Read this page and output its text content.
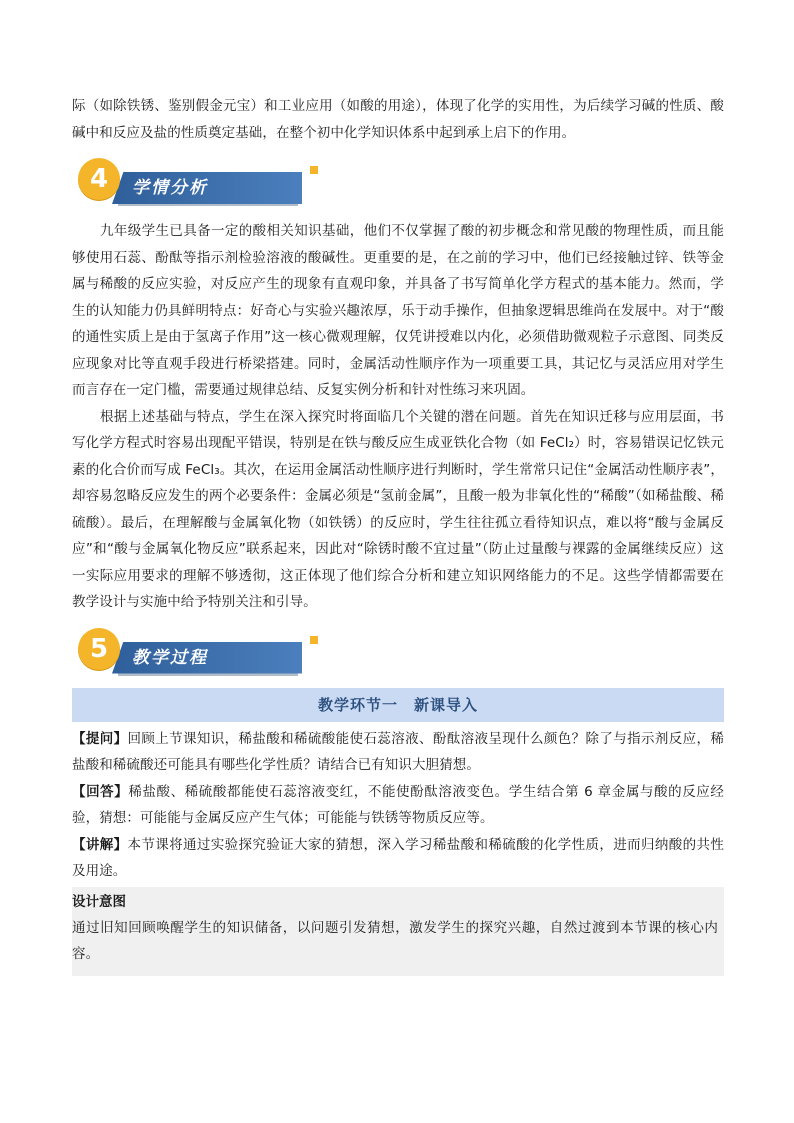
际（如除铁锈、鉴别假金元宝）和工业应用（如酸的用途），体现了化学的实用性，为后续学习碱的性质、酸碱中和反应及盐的性质奠定基础，在整个初中化学知识体系中起到承上启下的作用。

4	学情分析

九年级学生已具备一定的酸相关知识基础，他们不仅掌握了酸的初步概念和常见酸的物理性质，而且能够使用石蕊、酚酞等指示剂检验溶液的酸碱性。更重要的是，在之前的学习中，他们已经接触过锌、铁等金属与稀酸的反应实验，对反应产生的现象有直观印象，并具备了书写简单化学方程式的基本能力。然而，学生的认知能力仍具鲜明特点：好奇心与实验兴趣浓厚，乐于动手操作，但抽象逻辑思维尚在发展中。对于“酸的通性实质上是由于氢离子作用”这一核心微观理解，仅凭讲授难以内化，必须借助微观粒子示意图、同类反应现象对比等直观手段进行桥梁搭建。同时，金属活动性顺序作为一项重要工具，其记忆与灵活应用对学生而言存在一定门槛，需要通过规律总结、反复实例分析和针对性练习来巩固。

根据上述基础与特点，学生在深入探究时将面临几个关键的潜在问题。首先在知识迁移与应用层面，书写化学方程式时容易出现配平错误，特别是在铁与酸反应生成亚铁化合物（如 FeCl₂）时，容易错误记忆铁元素的化合价而写成 FeCl₃。其次，在运用金属活动性顺序进行判断时，学生常常只记住“金属活动性顺序表”，却容易忽略反应发生的两个必要条件：金属必须是“氢前金属”，且酸一般为非氧化性的“稀酸”（如稀盐酸、稀硫酸）。最后，在理解酸与金属氧化物（如铁锈）的反应时，学生往往孤立看待知识点，难以将“酸与金属反应”和“酸与金属氧化物反应”联系起来，因此对“除锈时酸不宜过量”（防止过量酸与裸露的金属继续反应）这一实际应用要求的理解不够透彻，这正体现了他们综合分析和建立知识网络能力的不足。这些学情都需要在教学设计与实施中给予特别关注和引导。

5	教学过程
教学环节一　新课导入

【提问】回顾上节课知识，稀盐酸和稀硫酸能使石蕊溶液、酚酞溶液呈现什么颜色？除了与指示剂反应，稀盐酸和稀硫酸还可能具有哪些化学性质？请结合已有知识大胆猜想。

【回答】稀盐酸、稀硫酸都能使石蕊溶液变红，不能使酚酞溶液变色。学生结合第 6 章金属与酸的反应经验，猜想：可能能与金属反应产生气体；可能能与铁锈等物质反应等。

【讲解】本节课将通过实验探究验证大家的猜想，深入学习稀盐酸和稀硫酸的化学性质，进而归纳酸的共性及用途。

设计意图

通过旧知回顾唤醒学生的知识储备，以问题引发猜想，激发学生的探究兴趣，自然过渡到本节课的核心内容。
